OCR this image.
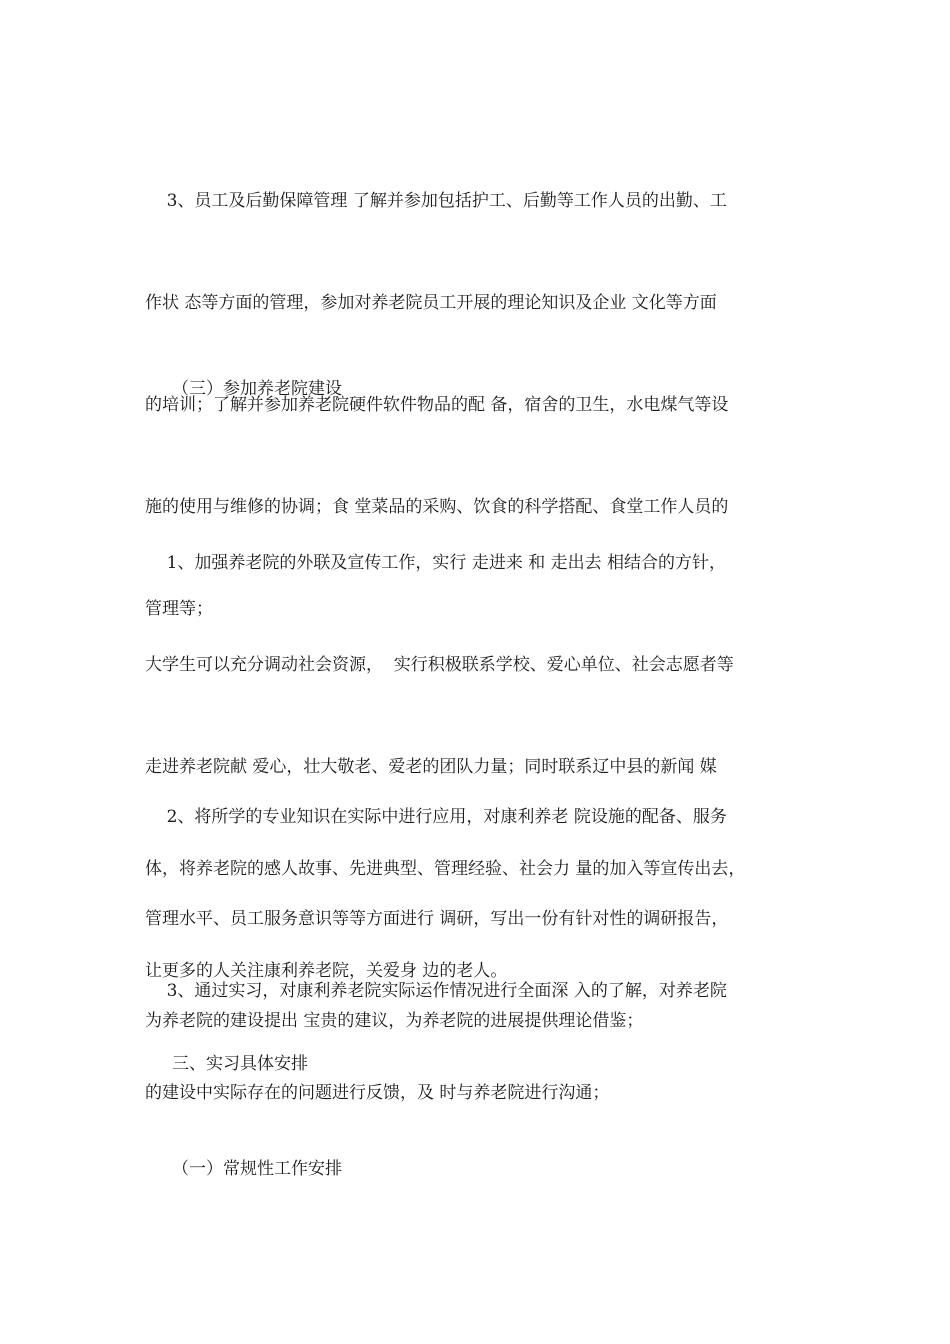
3、员工及后勤保障管理 了解并参加包括护工、后勤等工作人员的出勤、工

作状 态等方面的管理，参加对养老院员工开展的理论知识及企业 文化等方面

的培训；了解并参加养老院硬件软件物品的配 备，宿舍的卫生，水电煤气等设

施的使用与维修的协调；食 堂菜品的采购、饮食的科学搭配、食堂工作人员的

管理等；

（三）参加养老院建设

1、加强养老院的外联及宣传工作，实行 走进来 和 走出去 相结合的方针，

大学生可以充分调动社会资源，  实行积极联系学校、爱心单位、社会志愿者等

走进养老院献 爱心，壮大敬老、爱老的团队力量；同时联系辽中县的新闻 媒

体，将养老院的感人故事、先进典型、管理经验、社会力 量的加入等宣传出去，

让更多的人关注康利养老院，关爱身 边的老人。

2、将所学的专业知识在实际中进行应用，对康利养老 院设施的配备、服务

管理水平、员工服务意识等等方面进行 调研，写出一份有针对性的调研报告，

为养老院的建设提出 宝贵的建议，为养老院的进展提供理论借鉴；

3、通过实习，对康利养老院实际运作情况进行全面深 入的了解，对养老院

的建设中实际存在的问题进行反馈，及 时与养老院进行沟通；

三、实习具体安排
（一）常规性工作安排
